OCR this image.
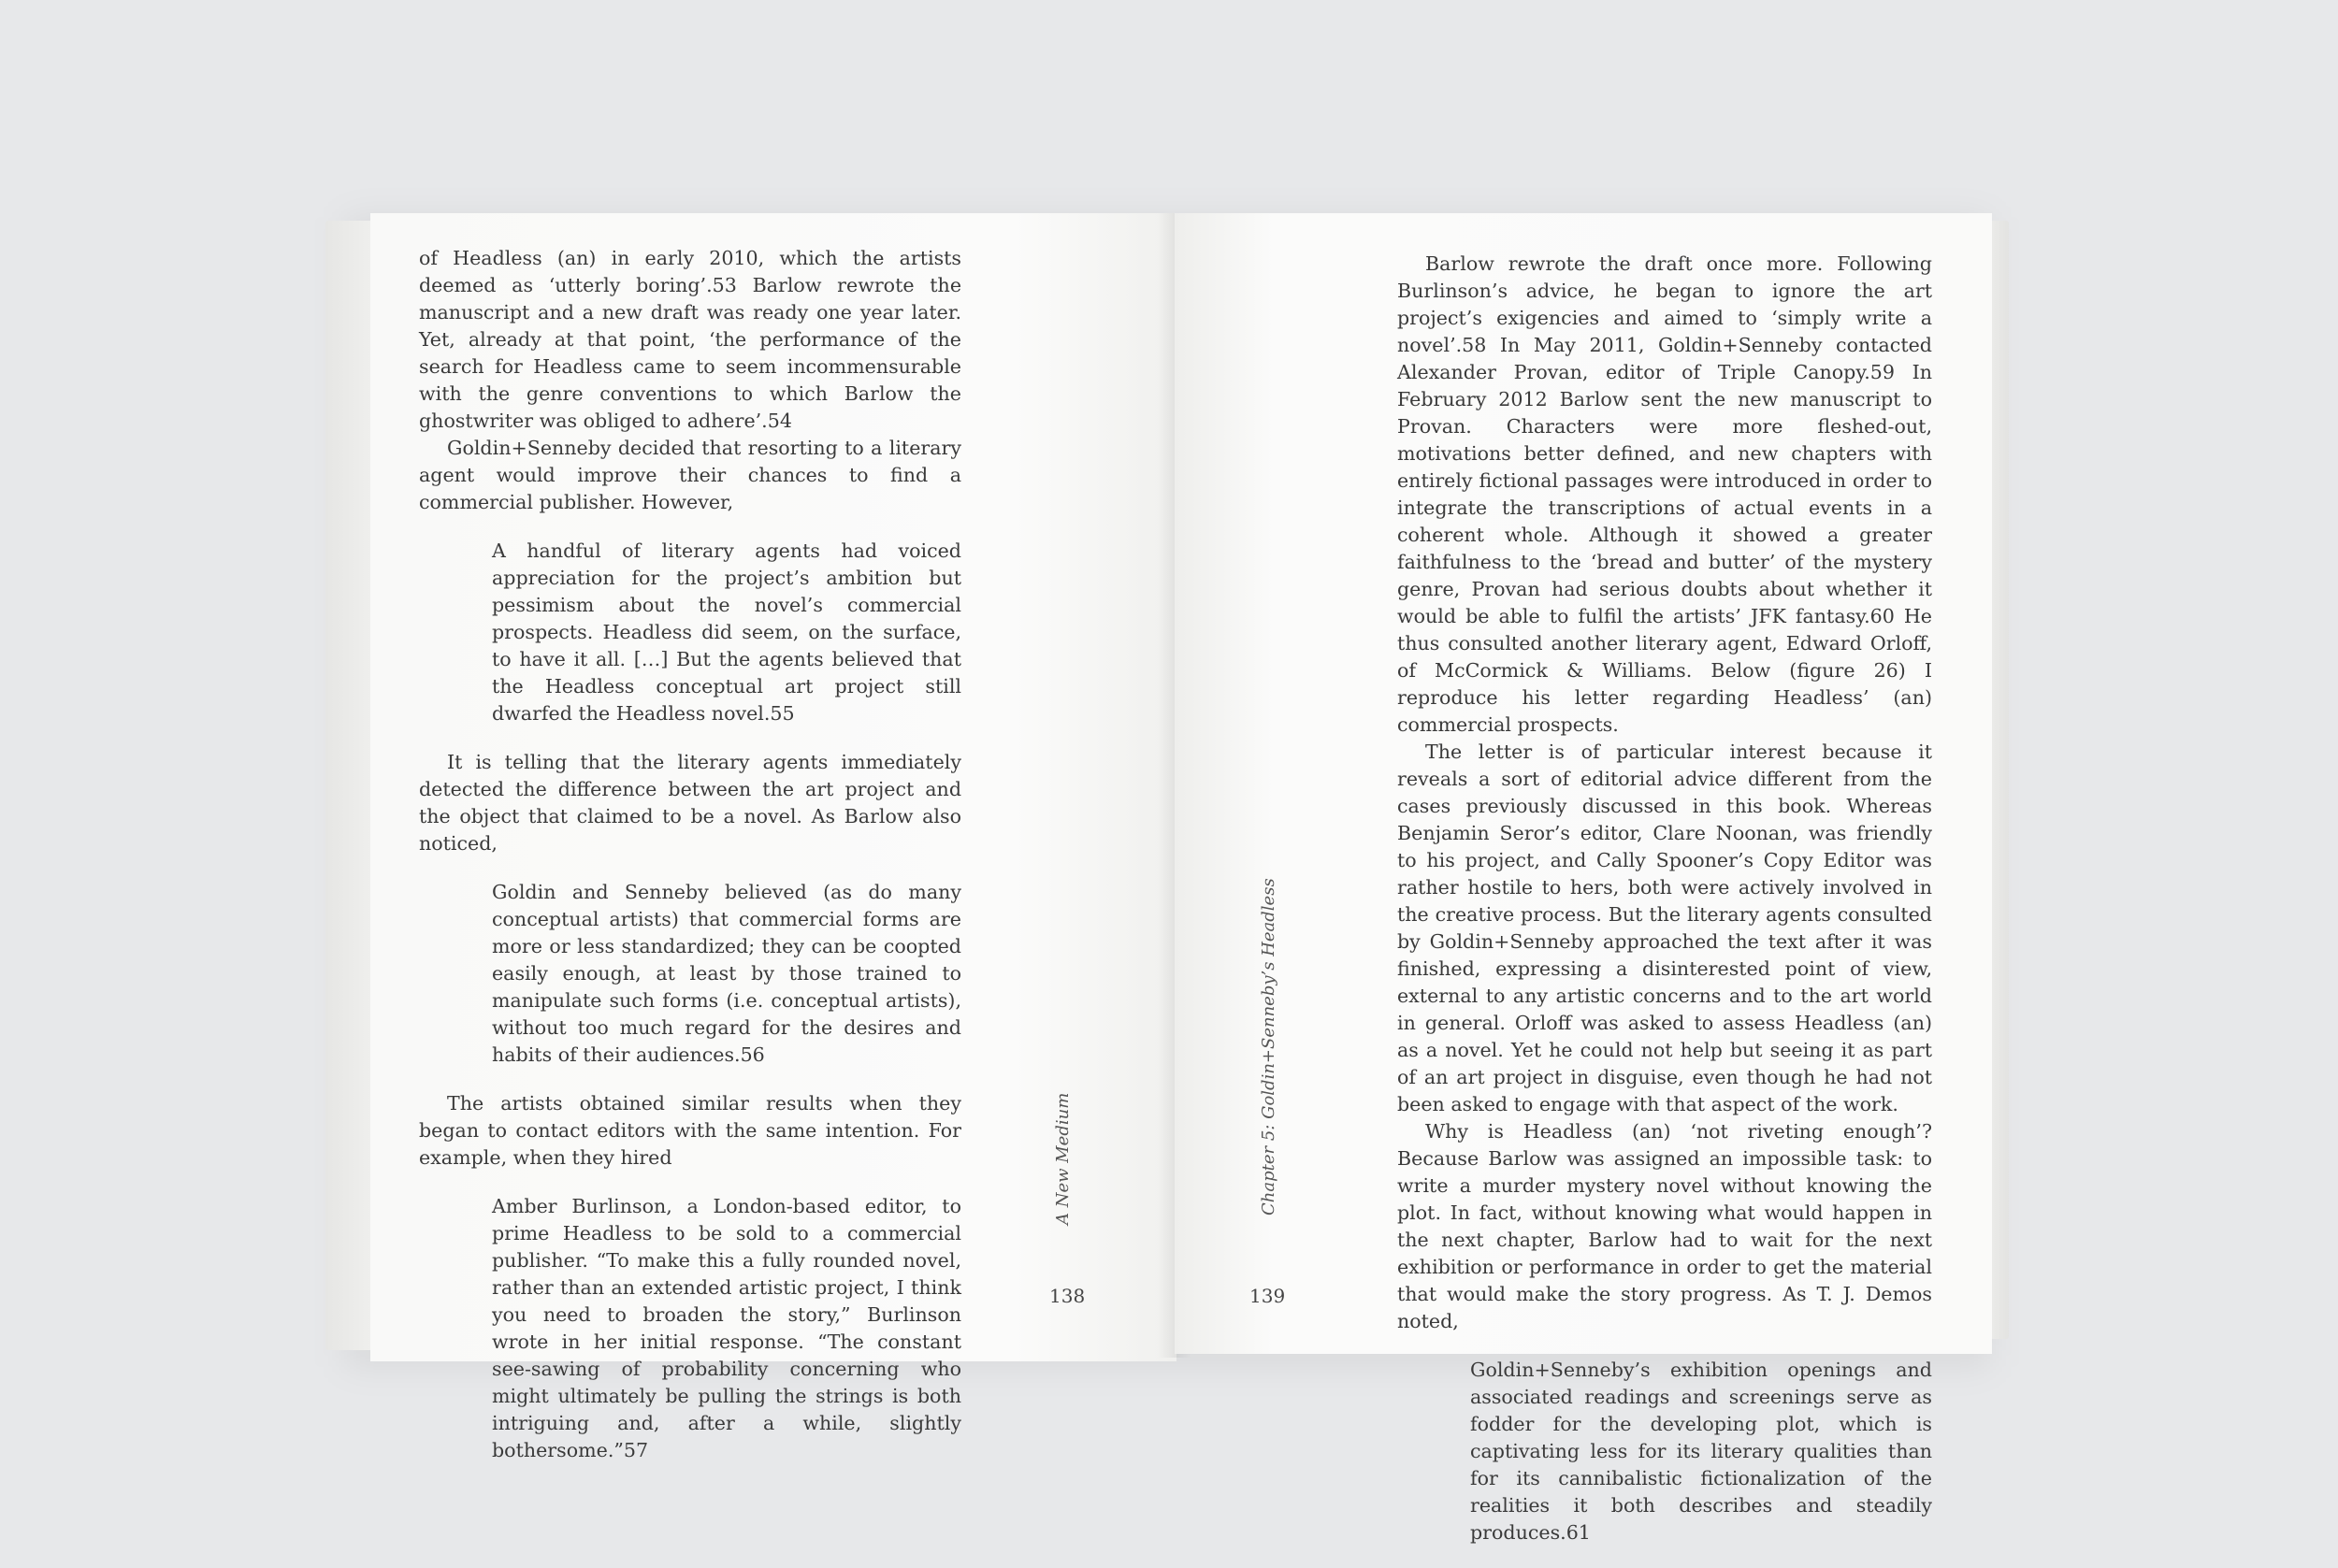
of Headless (an) in early 2010, which the artists deemed as ‘utterly boring’.53 Barlow rewrote the manuscript and a new draft was ready one year later. Yet, already at that point, ‘the performance of the search for Headless came to seem incommensurable with the genre conventions to which Barlow the ghostwriter was obliged to adhere’.54

Goldin+Senneby decided that resorting to a literary agent would improve their chances to find a commercial publisher. However,

A handful of literary agents had voiced appreciation for the project’s ambition but pessimism about the novel’s commercial prospects. Headless did seem, on the surface, to have it all. […] But the agents believed that the Headless conceptual art project still dwarfed the Headless novel.55

It is telling that the literary agents immediately detected the difference between the art project and the object that claimed to be a novel. As Barlow also noticed,

Goldin and Senneby believed (as do many conceptual artists) that commercial forms are more or less standardized; they can be coopted easily enough, at least by those trained to manipulate such forms (i.e. conceptual artists), without too much regard for the desires and habits of their audiences.56

The artists obtained similar results when they began to contact editors with the same intention. For example, when they hired

Amber Burlinson, a London-based editor, to prime Headless to be sold to a commercial publisher. “To make this a fully rounded novel, rather than an extended artistic project, I think you need to broaden the story,” Burlinson wrote in her initial response. “The constant see-sawing of probability concerning who might ultimately be pulling the strings is both intriguing and, after a while, slightly bothersome.”57

A New Medium
138

Barlow rewrote the draft once more. Following Burlinson’s advice, he began to ignore the art project’s exigencies and aimed to ‘simply write a novel’.58 In May 2011, Goldin+Senneby contacted Alexander Provan, editor of Triple Canopy.59 In February 2012 Barlow sent the new manuscript to Provan. Characters were more fleshed-out, motivations better defined, and new chapters with entirely fictional passages were introduced in order to integrate the transcriptions of actual events in a coherent whole. Although it showed a greater faithfulness to the ‘bread and butter’ of the mystery genre, Provan had serious doubts about whether it would be able to fulfil the artists’ JFK fantasy.60 He thus consulted another literary agent, Edward Orloff, of McCormick & Williams. Below (figure 26) I reproduce his letter regarding Headless’ (an) commercial prospects.

The letter is of particular interest because it reveals a sort of editorial advice different from the cases previously discussed in this book. Whereas Benjamin Seror’s editor, Clare Noonan, was friendly to his project, and Cally Spooner’s Copy Editor was rather hostile to hers, both were actively involved in the creative process. But the literary agents consulted by Goldin+Senneby approached the text after it was finished, expressing a disinterested point of view, external to any artistic concerns and to the art world in general. Orloff was asked to assess Headless (an) as a novel. Yet he could not help but seeing it as part of an art project in disguise, even though he had not been asked to engage with that aspect of the work.

Why is Headless (an) ‘not riveting enough’? Because Barlow was assigned an impossible task: to write a murder mystery novel without knowing the plot. In fact, without knowing what would happen in the next chapter, Barlow had to wait for the next exhibition or performance in order to get the material that would make the story progress. As T. J. Demos noted,

Goldin+Senneby’s exhibition openings and associated readings and screenings serve as fodder for the developing plot, which is captivating less for its literary qualities than for its cannibalistic fictionalization of the realities it both describes and steadily produces.61

Chapter 5: Goldin+Senneby’s Headless
139
